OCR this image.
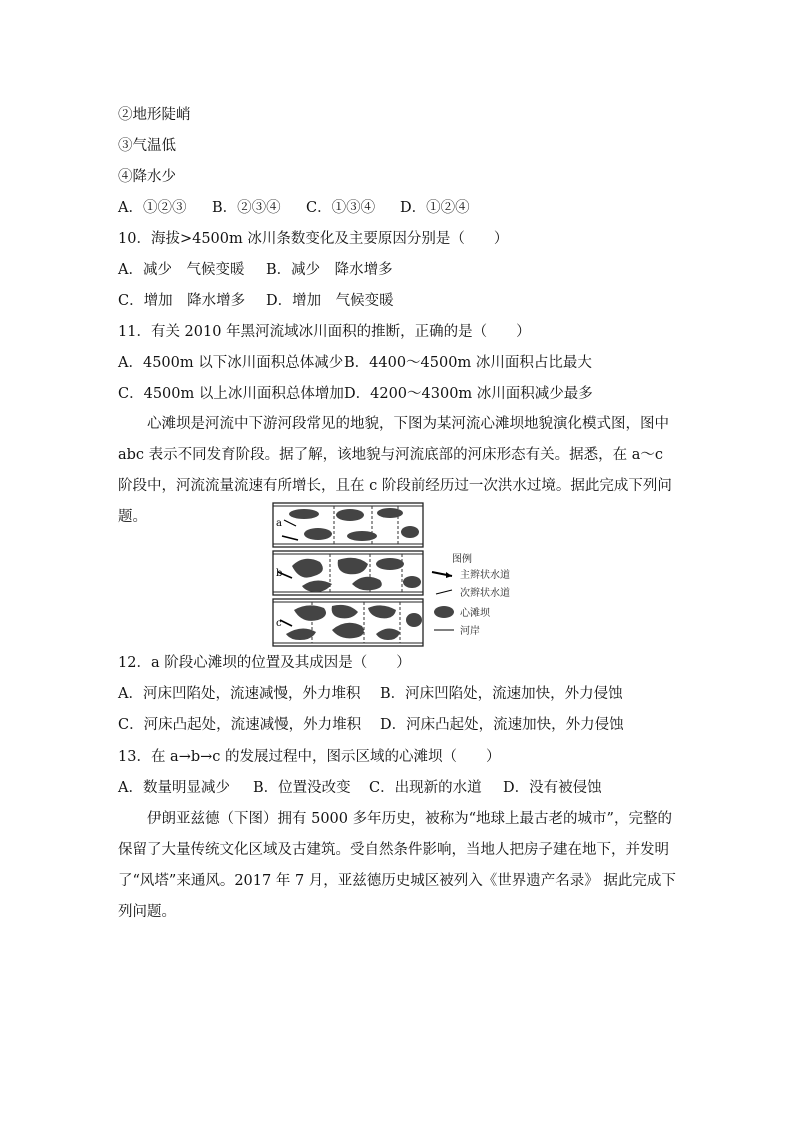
②地形陡峭
③气温低
④降水少
A．①②③ B．②③④ C．①③④ D．①②④
10．海拔>4500m 冰川条数变化及主要原因分别是（　　）
A．减少　气候变暖 B．减少　降水增多
C．增加　降水增多 D．增加　气候变暖
11．有关 2010 年黑河流域冰川面积的推断，正确的是（　　）
A．4500m 以下冰川面积总体减少B．4400～4500m 冰川面积占比最大
C．4500m 以上冰川面积总体增加D．4200～4300m 冰川面积减少最多
心滩坝是河流中下游河段常见的地貌，下图为某河流心滩坝地貌演化模式图，图中 abc 表示不同发育阶段。据了解，该地貌与河流底部的河床形态有关。据悉，在 a～c 阶段中，河流流量流速有所增长，且在 c 阶段前经历过一次洪水过境。据此完成下列问题。	a
b
c
图例
主辫状水道
次辫状水道
心滩坝
河岸
12．a 阶段心滩坝的位置及其成因是（　　）
A．河床凹陷处，流速减慢，外力堆积 B．河床凹陷处，流速加快，外力侵蚀
C．河床凸起处，流速减慢，外力堆积 D．河床凸起处，流速加快，外力侵蚀
13．在 a→b→c 的发展过程中，图示区域的心滩坝（　　）
A．数量明显减少 B．位置没改变 C．出现新的水道 D．没有被侵蚀
伊朗亚兹德（下图）拥有 5000 多年历史，被称为“地球上最古老的城市”，完整的保留了大量传统文化区域及古建筑。受自然条件影响，当地人把房子建在地下，并发明了“风塔”来通风。2017 年 7 月，亚兹德历史城区被列入《世界遗产名录》 据此完成下列问题。
